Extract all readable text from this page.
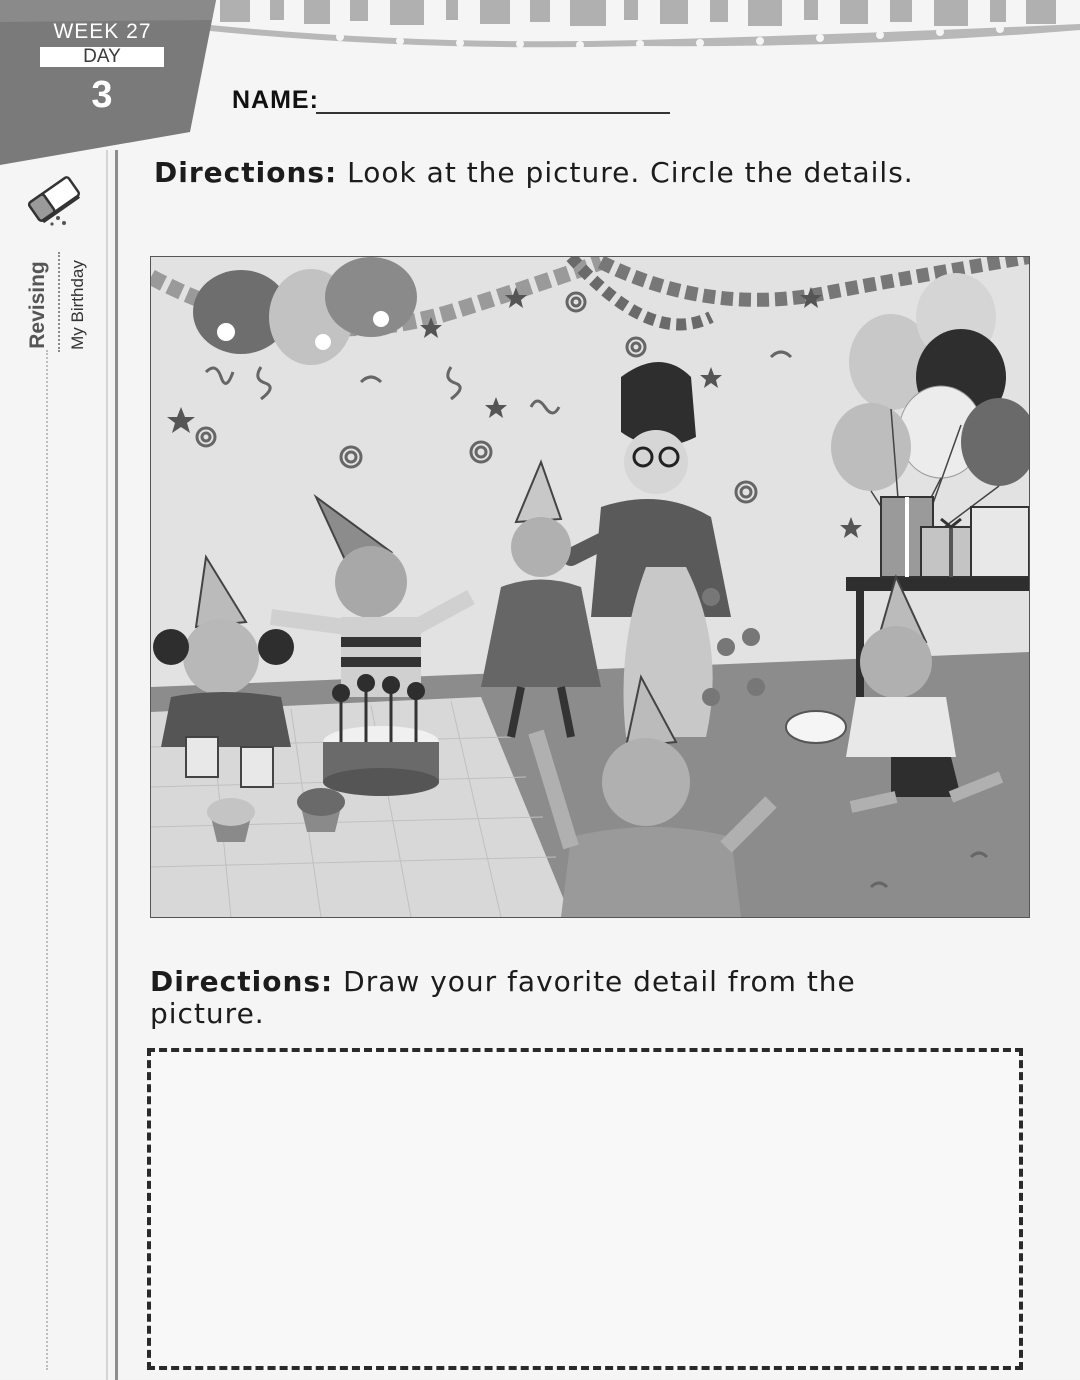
WEEK 27
DAY
3
Revising My Birthday
NAME:
Directions: Look at the picture. Circle the details.
Directions: Draw your favorite detail from the picture.
